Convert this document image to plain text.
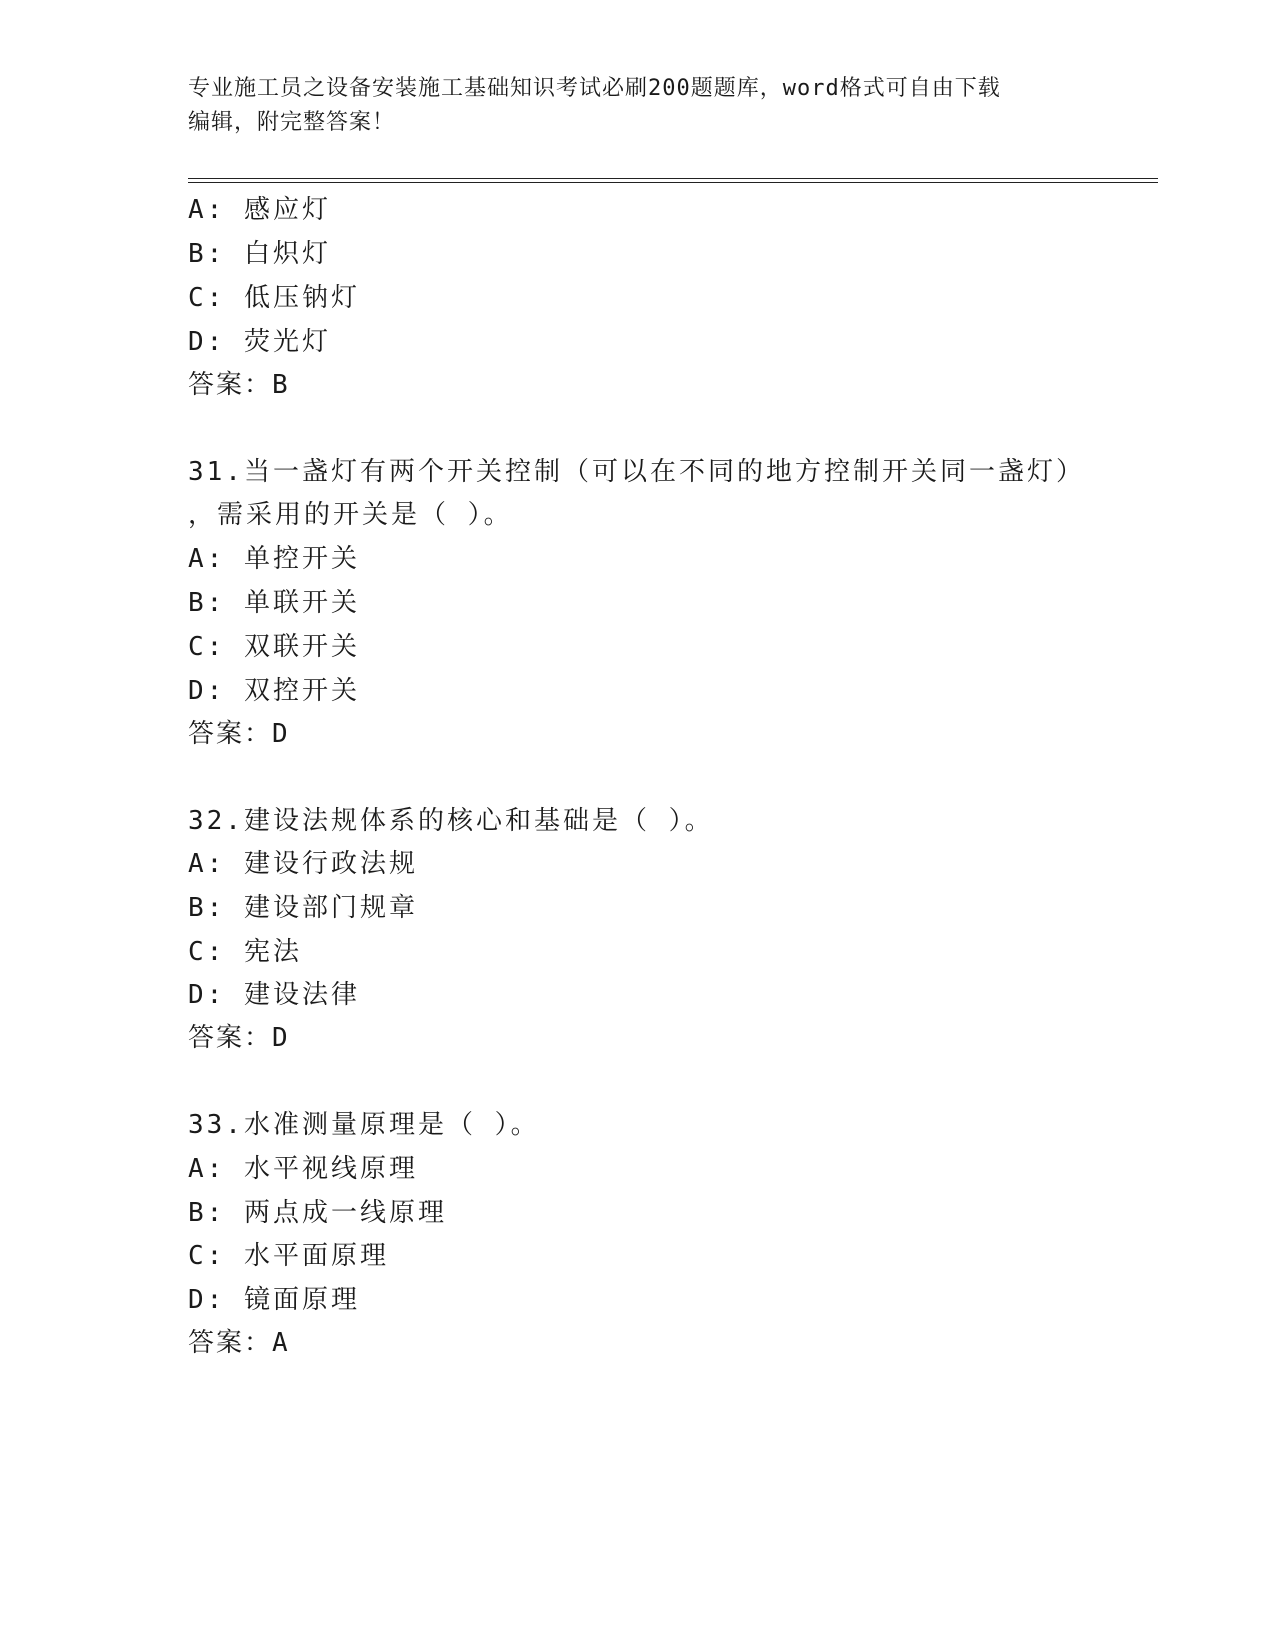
专业施工员之设备安装施工基础知识考试必刷200题题库，word格式可自由下载
编辑，附完整答案！
A: 感应灯
B: 白炽灯
C: 低压钠灯
D: 荧光灯
答案：B
31.当一盏灯有两个开关控制（可以在不同的地方控制开关同一盏灯）
，需采用的开关是（ ）。
A: 单控开关
B: 单联开关
C: 双联开关
D: 双控开关
答案：D
32.建设法规体系的核心和基础是（ ）。
A: 建设行政法规
B: 建设部门规章
C: 宪法
D: 建设法律
答案：D
33.水准测量原理是（ ）。
A: 水平视线原理
B: 两点成一线原理
C: 水平面原理
D: 镜面原理
答案：A
